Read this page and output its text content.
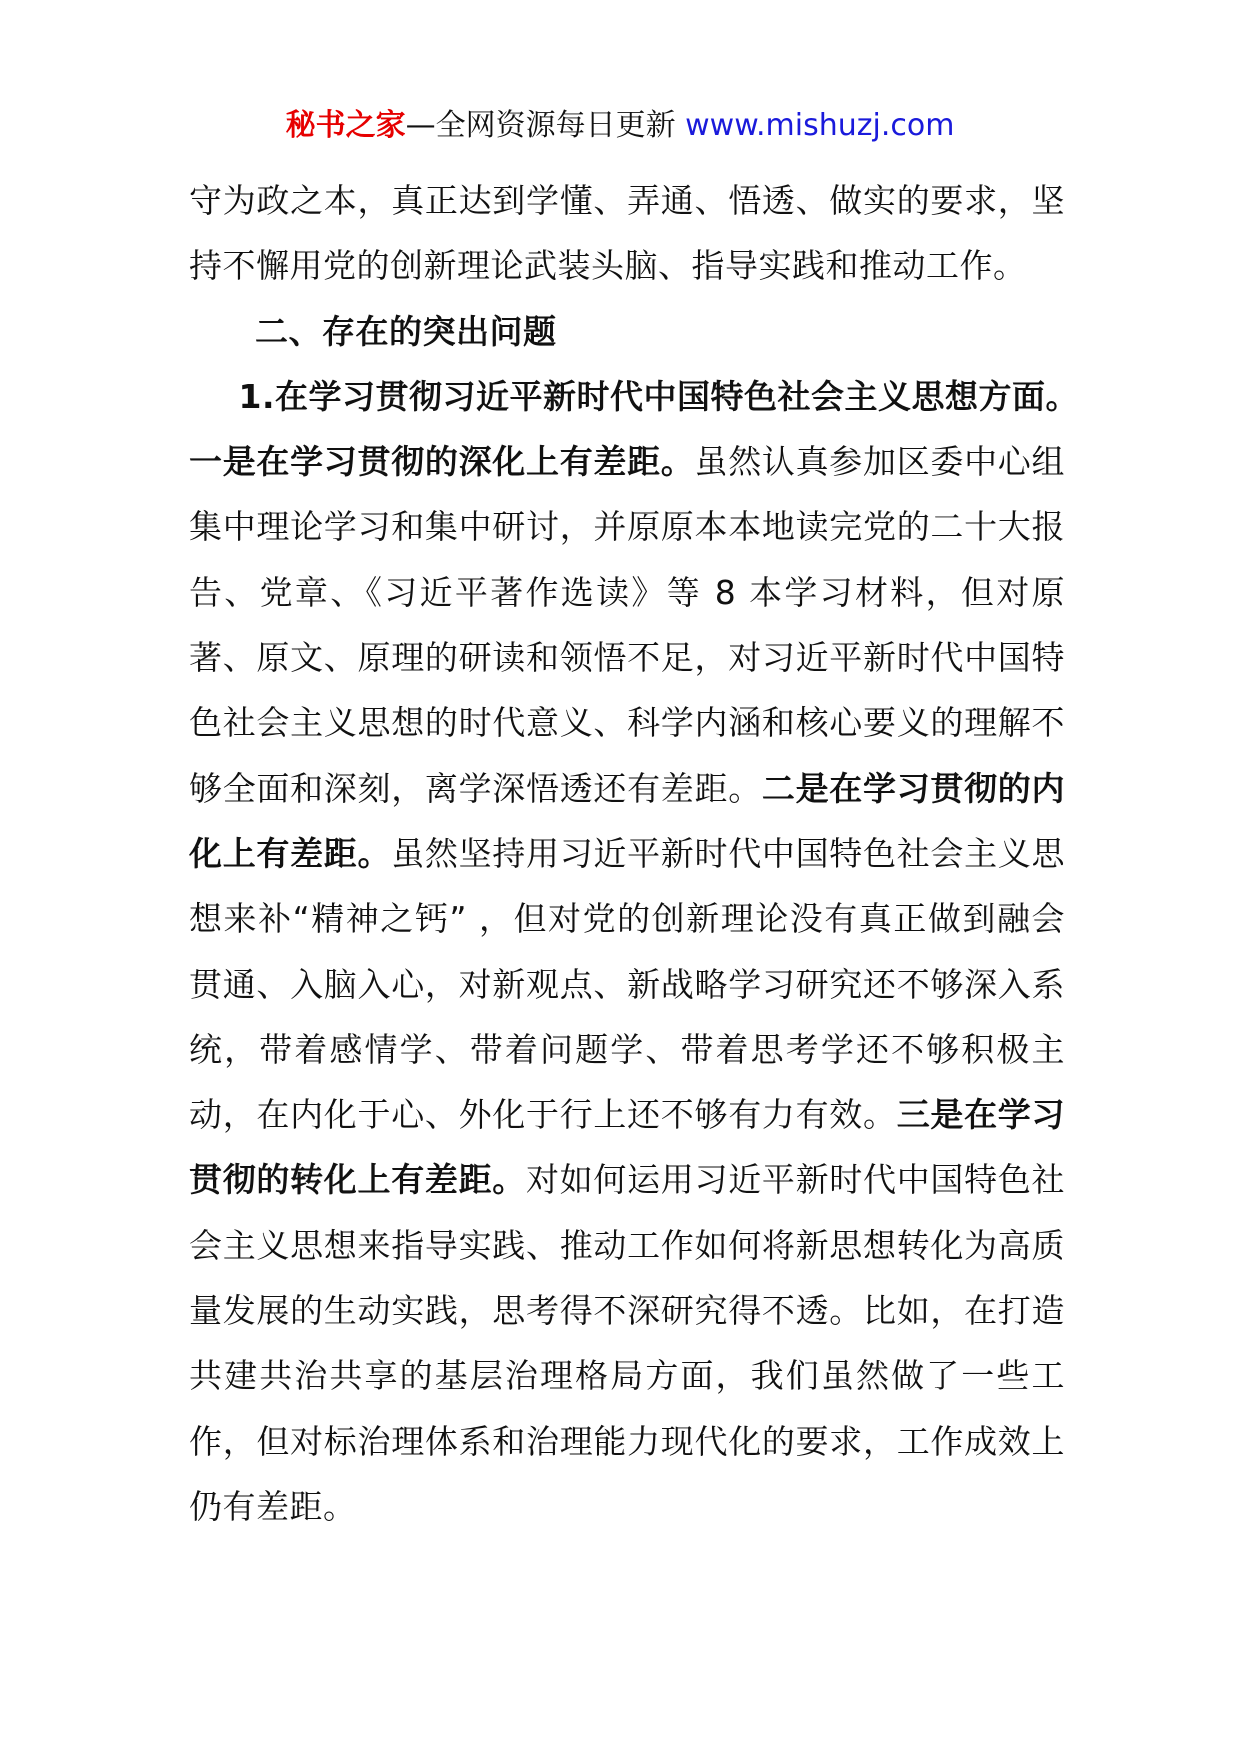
秘书之家—全网资源每日更新 www.mishuzj.com

守为政之本，真正达到学懂、弄通、悟透、做实的要求，坚持不懈用党的创新理论武装头脑、指导实践和推动工作。

二、存在的突出问题

1.在学习贯彻习近平新时代中国特色社会主义思想方面。

一是在学习贯彻的深化上有差距。虽然认真参加区委中心组集中理论学习和集中研讨，并原原本本地读完党的二十大报告、党章、《习近平著作选读》等 8 本学习材料，但对原著、原文、原理的研读和领悟不足，对习近平新时代中国特色社会主义思想的时代意义、科学内涵和核心要义的理解不够全面和深刻，离学深悟透还有差距。二是在学习贯彻的内化上有差距。虽然坚持用习近平新时代中国特色社会主义思想来补“精神之钙” ，但对党的创新理论没有真正做到融会贯通、入脑入心，对新观点、新战略学习研究还不够深入系统，带着感情学、带着问题学、带着思考学还不够积极主动，在内化于心、外化于行上还不够有力有效。三是在学习贯彻的转化上有差距。对如何运用习近平新时代中国特色社会主义思想来指导实践、推动工作如何将新思想转化为高质量发展的生动实践，思考得不深研究得不透。比如，在打造共建共治共享的基层治理格局方面，我们虽然做了一些工作，但对标治理体系和治理能力现代化的要求，工作成效上仍有差距。
